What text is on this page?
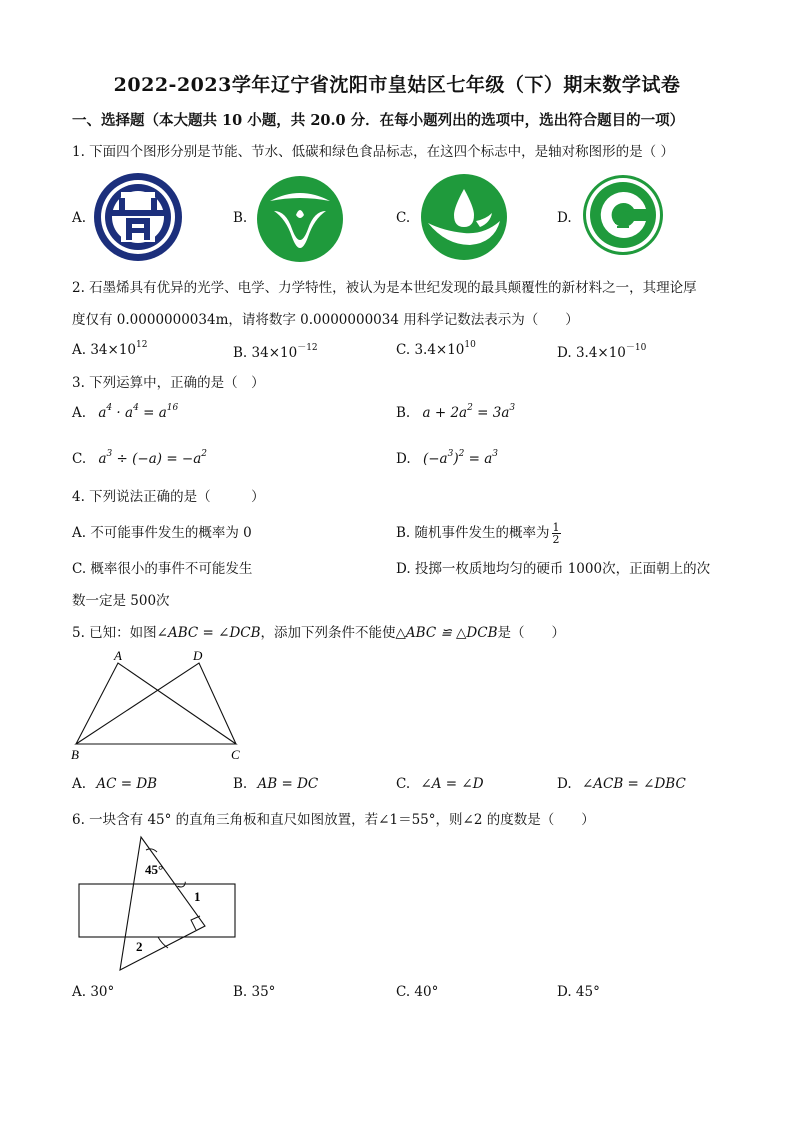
2022-2023学年辽宁省沈阳市皇姑区七年级（下）期末数学试卷
一、选择题（本大题共 10 小题，共 20.0 分．在每小题列出的选项中，选出符合题目的一项）
1. 下面四个图形分别是节能、节水、低碳和绿色食品标志，在这四个标志中，是轴对称图形的是（ ）
A.	B.	C.	D.
2. 石墨烯具有优异的光学、电学、力学特性，被认为是本世纪发现的最具颠覆性的新材料之一，其理论厚
度仅有 0.0000000034m，请将数字 0.0000000034 用科学记数法表示为（　　）
A. $34\times 10^{12}$	B. $34\times 10^{-12}$	C. $3.4\times 10^{10}$	D. $3.4\times 10^{-10}$
3. 下列运算中，正确的是（　）
A. $a^4 \cdot a^4 = a^{16}$	B. $a + 2a^2 = 3a^3$
C. $a^3 \div (-a) = -a^2$	D. $(-a^3)^2 = a^3$
4. 下列说法正确的是（　　　）
A. 不可能事件发生的概率为 0	B. 随机事件发生的概率为 $\frac{1}{2}$
C. 概率很小的事件不可能发生	D. 投掷一枚质地均匀的硬币 1000次，正面朝上的次
数一定是 500次
5. 已知：如图∠ABC = ∠DCB，添加下列条件不能使△ABC ≌ △DCB是（　　）
A	D
B	C
A. AC = DB	B. AB = DC	C. ∠A = ∠D	D. ∠ACB = ∠DBC
6. 一块含有 45° 的直角三角板和直尺如图放置，若∠1＝55°，则∠2 的度数是（　　）
45°
1
2
A. 30°	B. 35°	C. 40°	D. 45°
